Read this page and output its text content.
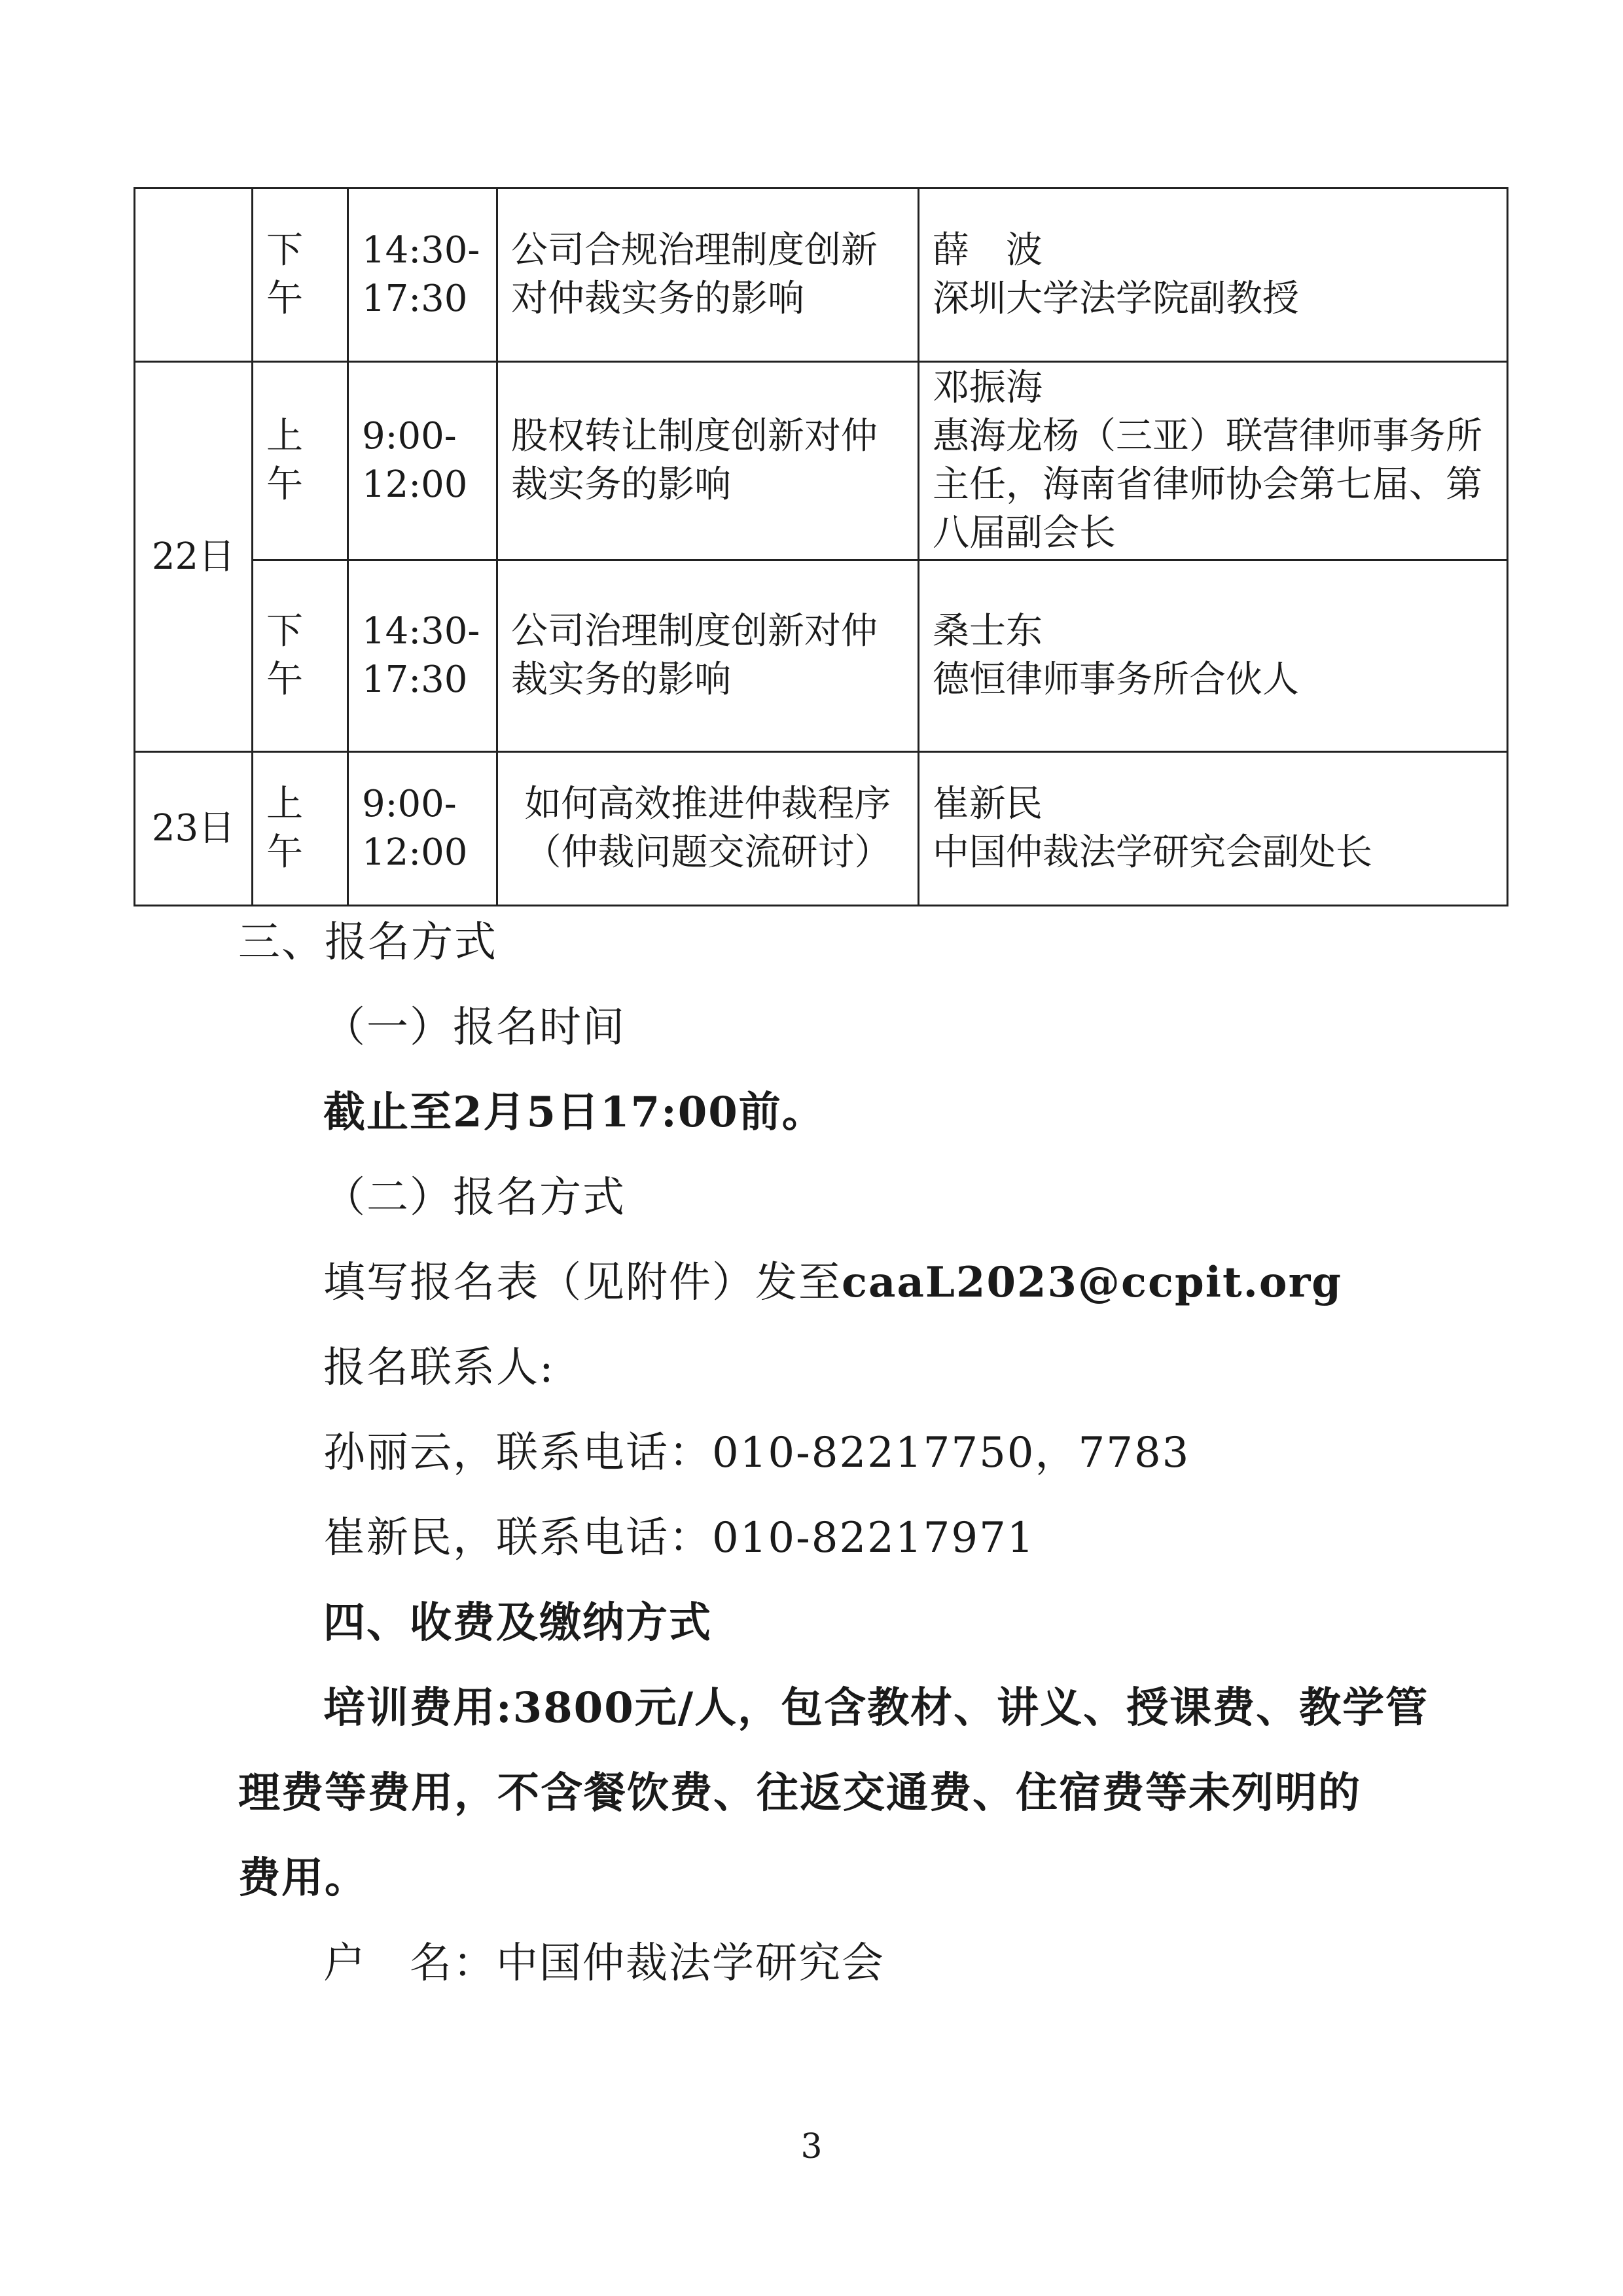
	下
午	14:30-
17:30	公司合规治理制度创新对仲裁实务的影响	薛　波
深圳大学法学院副教授

22日	上
午	9:00-
12:00	股权转让制度创新对仲裁实务的影响	邓振海
惠海龙杨（三亚）联营律师事务所主任，海南省律师协会第七届、第八届副会长

	下
午	14:30-
17:30	公司治理制度创新对仲裁实务的影响	桑士东
德恒律师事务所合伙人

23日	上
午	9:00-
12:00	如何高效推进仲裁程序（仲裁问题交流研讨）	崔新民
中国仲裁法学研究会副处长
三、报名方式
（一）报名时间
截止至2月5日17:00前。
（二）报名方式
填写报名表（见附件）发至caaL2023@ccpit.org
报名联系人:
孙丽云，联系电话：010-82217750，7783
崔新民，联系电话：010-82217971
四、收费及缴纳方式
培训费用:3800元/人，包含教材、讲义、授课费、教学管
理费等费用，不含餐饮费、往返交通费、住宿费等未列明的
费用。
户　名：中国仲裁法学研究会
3
